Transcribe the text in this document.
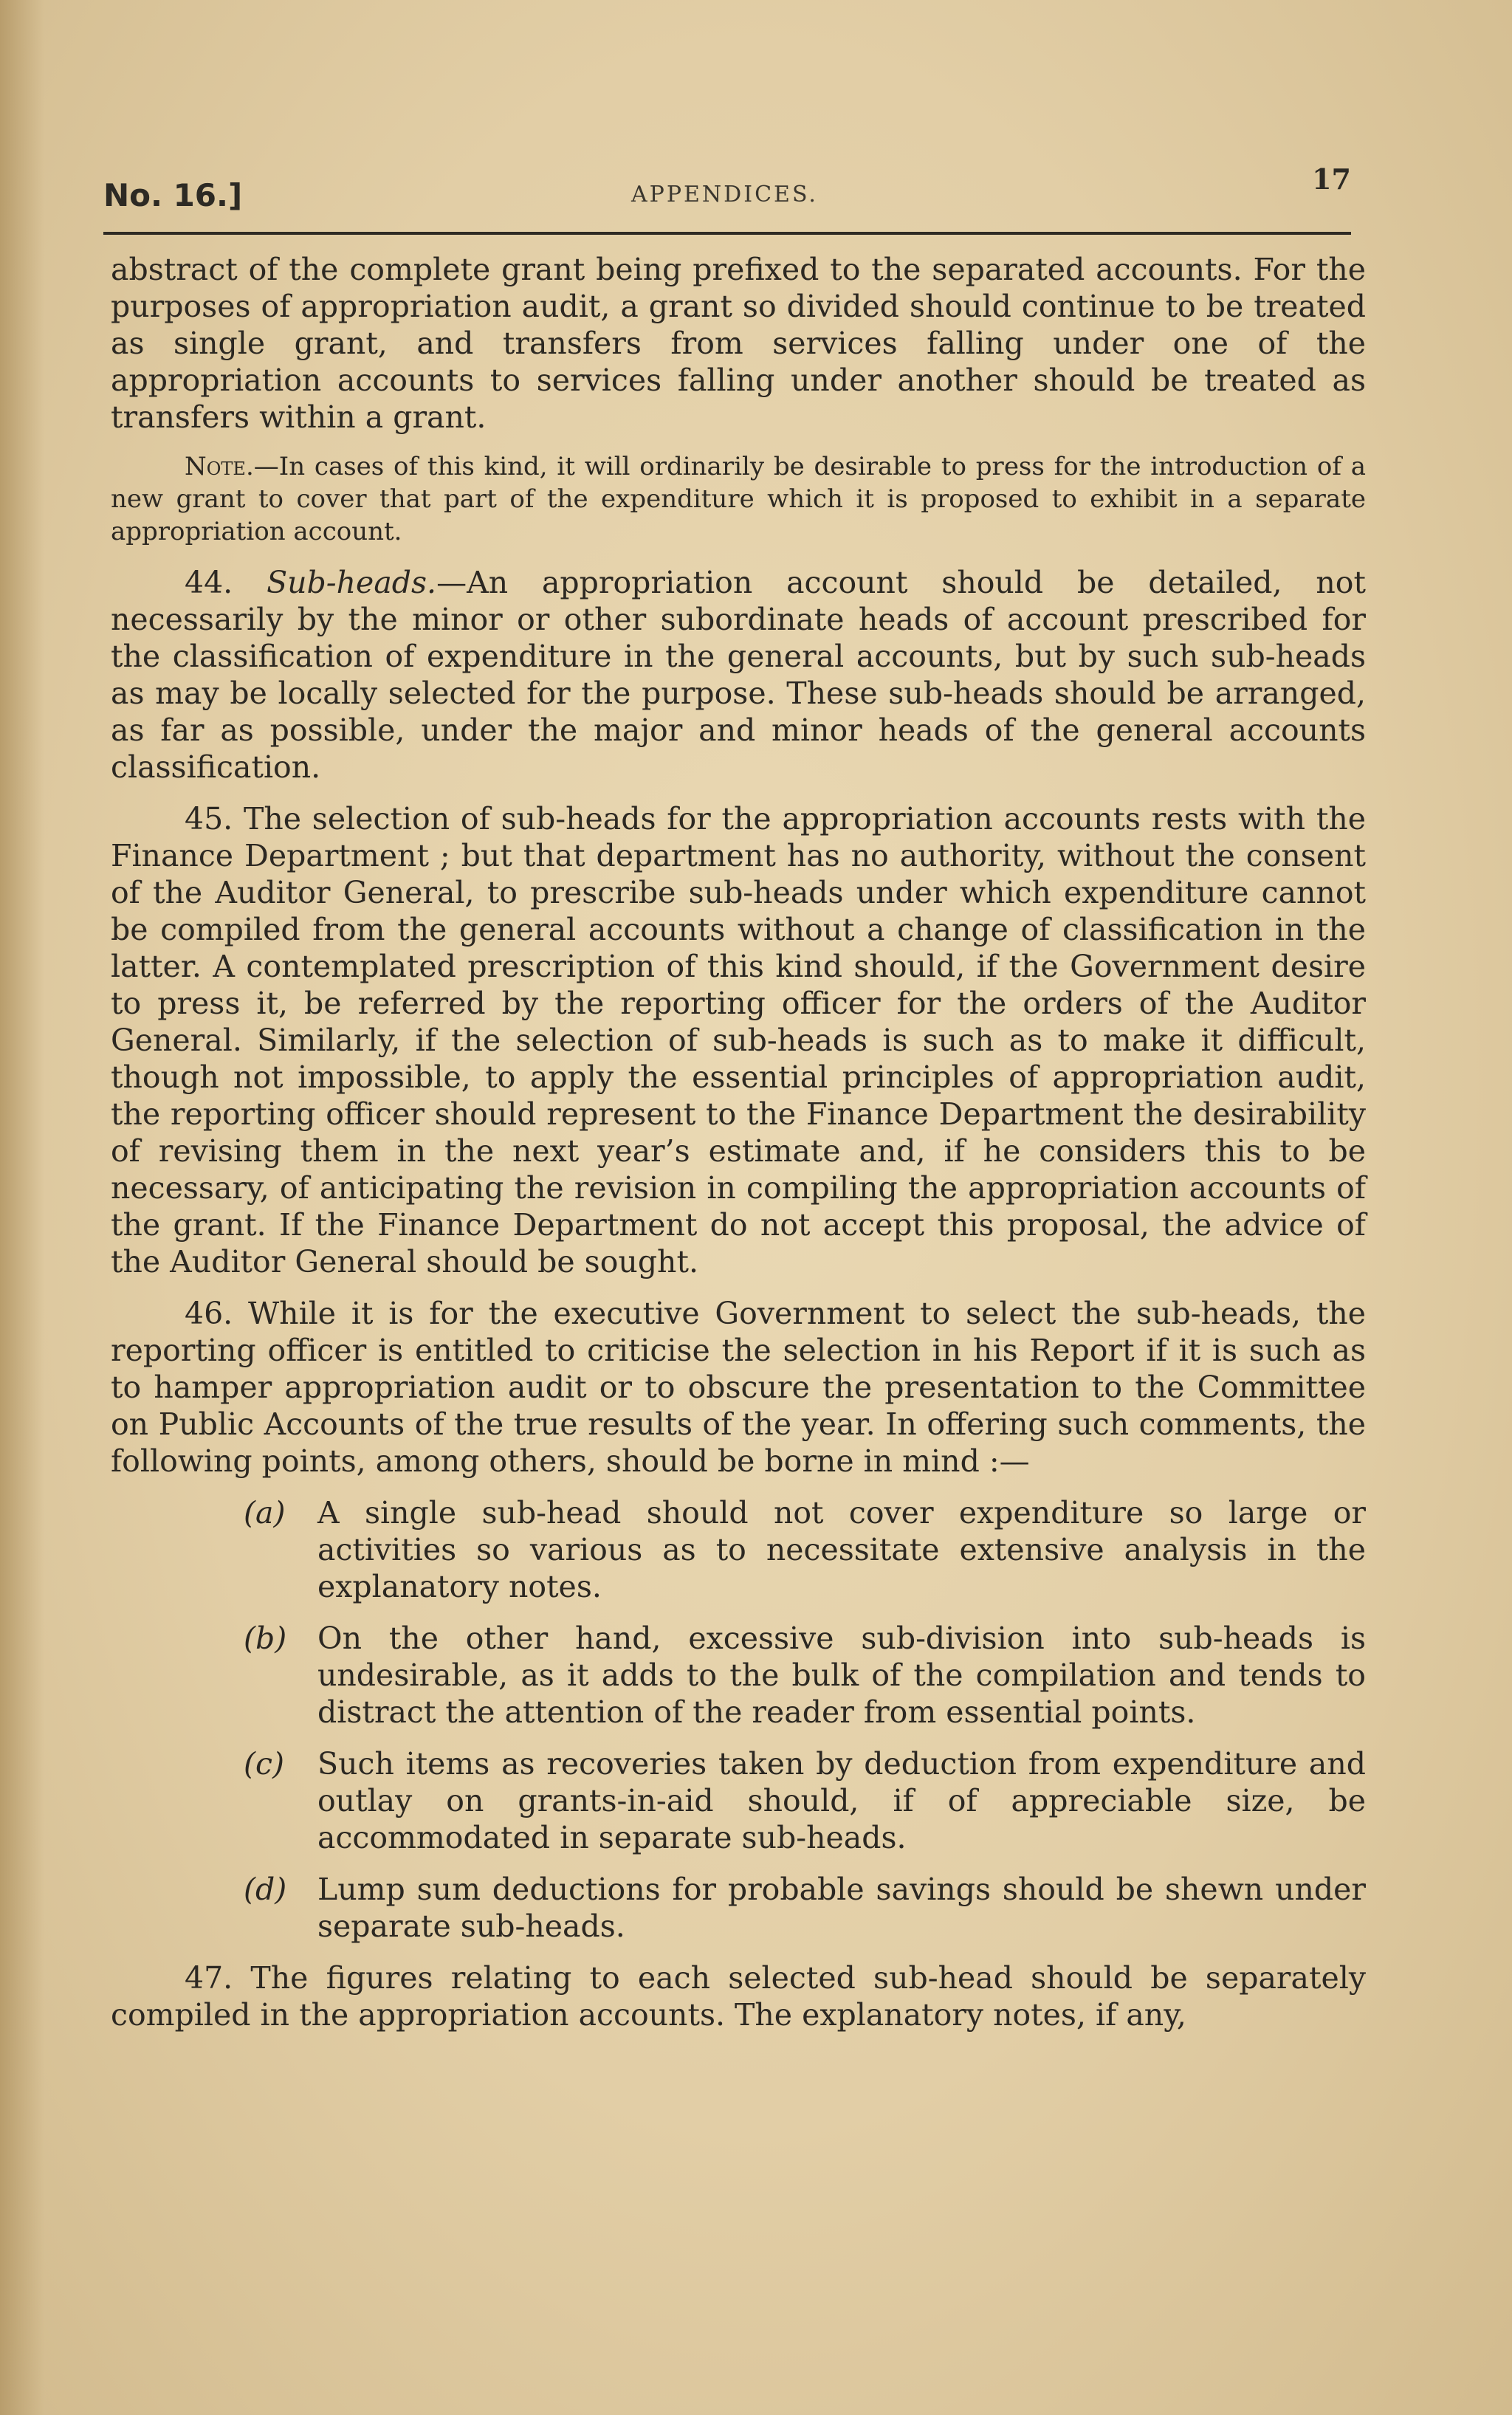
No. 16.]	APPENDICES.	17

abstract of the complete grant being prefixed to the separated accounts. For the purposes of appropriation audit, a grant so divided should continue to be treated as single grant, and transfers from services falling under one of the appropriation accounts to services falling under another should be treated as transfers within a grant.

Note.—In cases of this kind, it will ordinarily be desirable to press for the introduction of a new grant to cover that part of the expenditure which it is proposed to exhibit in a separate appropriation account.

44. Sub-heads.—An appropriation account should be detailed, not necessarily by the minor or other subordinate heads of account prescribed for the classification of expenditure in the general accounts, but by such sub-heads as may be locally selected for the purpose. These sub-heads should be arranged, as far as possible, under the major and minor heads of the general accounts classification.

45. The selection of sub-heads for the appropriation accounts rests with the Finance Department ; but that department has no authority, without the consent of the Auditor General, to prescribe sub-heads under which expenditure cannot be compiled from the general accounts without a change of classification in the latter. A contemplated prescription of this kind should, if the Government desire to press it, be referred by the reporting officer for the orders of the Auditor General. Similarly, if the selection of sub-heads is such as to make it difficult, though not impossible, to apply the essential principles of appropriation audit, the reporting officer should represent to the Finance Department the desirability of revising them in the next year’s estimate and, if he considers this to be necessary, of anticipating the revision in compiling the appropriation accounts of the grant. If the Finance Department do not accept this proposal, the advice of the Auditor General should be sought.

46. While it is for the executive Government to select the sub-heads, the reporting officer is entitled to criticise the selection in his Report if it is such as to hamper appropriation audit or to obscure the presentation to the Committee on Public Accounts of the true results of the year. In offering such comments, the following points, among others, should be borne in mind :—

(a) A single sub-head should not cover expenditure so large or activities so various as to necessitate extensive analysis in the explanatory notes.

(b) On the other hand, excessive sub-division into sub-heads is undesirable, as it adds to the bulk of the compilation and tends to distract the attention of the reader from essential points.

(c) Such items as recoveries taken by deduction from expenditure and outlay on grants-in-aid should, if of appreciable size, be accommodated in separate sub-heads.

(d) Lump sum deductions for probable savings should be shewn under separate sub-heads.

47. The figures relating to each selected sub-head should be separately compiled in the appropriation accounts. The explanatory notes, if any,
